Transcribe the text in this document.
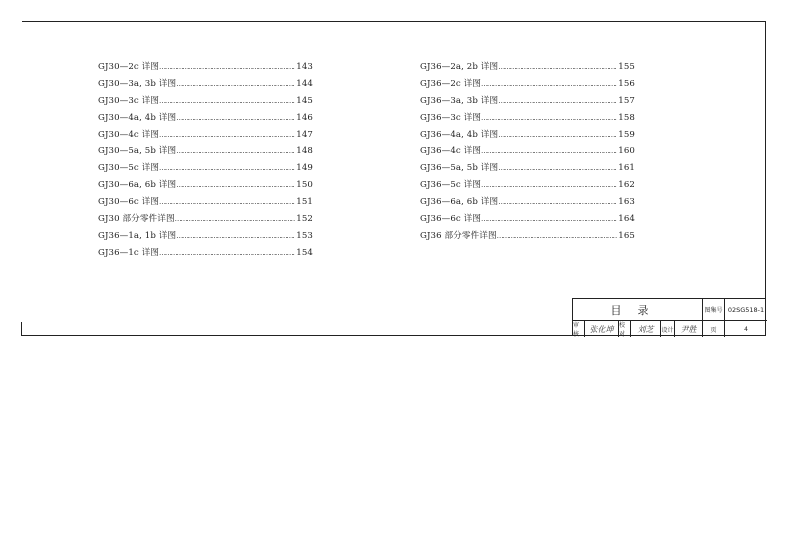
GJ30—2c 详图 ……………………………………………………………………………………………………	143
GJ30—3a, 3b 详图 ……………………………………………………………………………………………………	144
GJ30—3c 详图 ……………………………………………………………………………………………………	145
GJ30—4a, 4b 详图 ……………………………………………………………………………………………………	146
GJ30—4c 详图 ……………………………………………………………………………………………………	147
GJ30—5a, 5b 详图 ……………………………………………………………………………………………………	148
GJ30—5c 详图 ……………………………………………………………………………………………………	149
GJ30—6a, 6b 详图 ……………………………………………………………………………………………………	150
GJ30—6c 详图 ……………………………………………………………………………………………………	151
GJ30 部分零件详图 ……………………………………………………………………………………………………	152
GJ36—1a, 1b 详图 ……………………………………………………………………………………………………	153
GJ36—1c 详图 ……………………………………………………………………………………………………	154
GJ36—2a, 2b 详图 ……………………………………………………………………………………………………	155
GJ36—2c 详图 ……………………………………………………………………………………………………	156
GJ36—3a, 3b 详图 ……………………………………………………………………………………………………	157
GJ36—3c 详图 ……………………………………………………………………………………………………	158
GJ36—4a, 4b 详图 ……………………………………………………………………………………………………	159
GJ36—4c 详图 ……………………………………………………………………………………………………	160
GJ36—5a, 5b 详图 ……………………………………………………………………………………………………	161
GJ36—5c 详图 ……………………………………………………………………………………………………	162
GJ36—6a, 6b 详图 ……………………………………………………………………………………………………	163
GJ36—6c 详图 ……………………………………………………………………………………………………	164
GJ36 部分零件详图 ……………………………………………………………………………………………………	165
目录	图集号 02SG518-1
审核
张化坤 校对
刘芝	设计 尹胜	页	4
